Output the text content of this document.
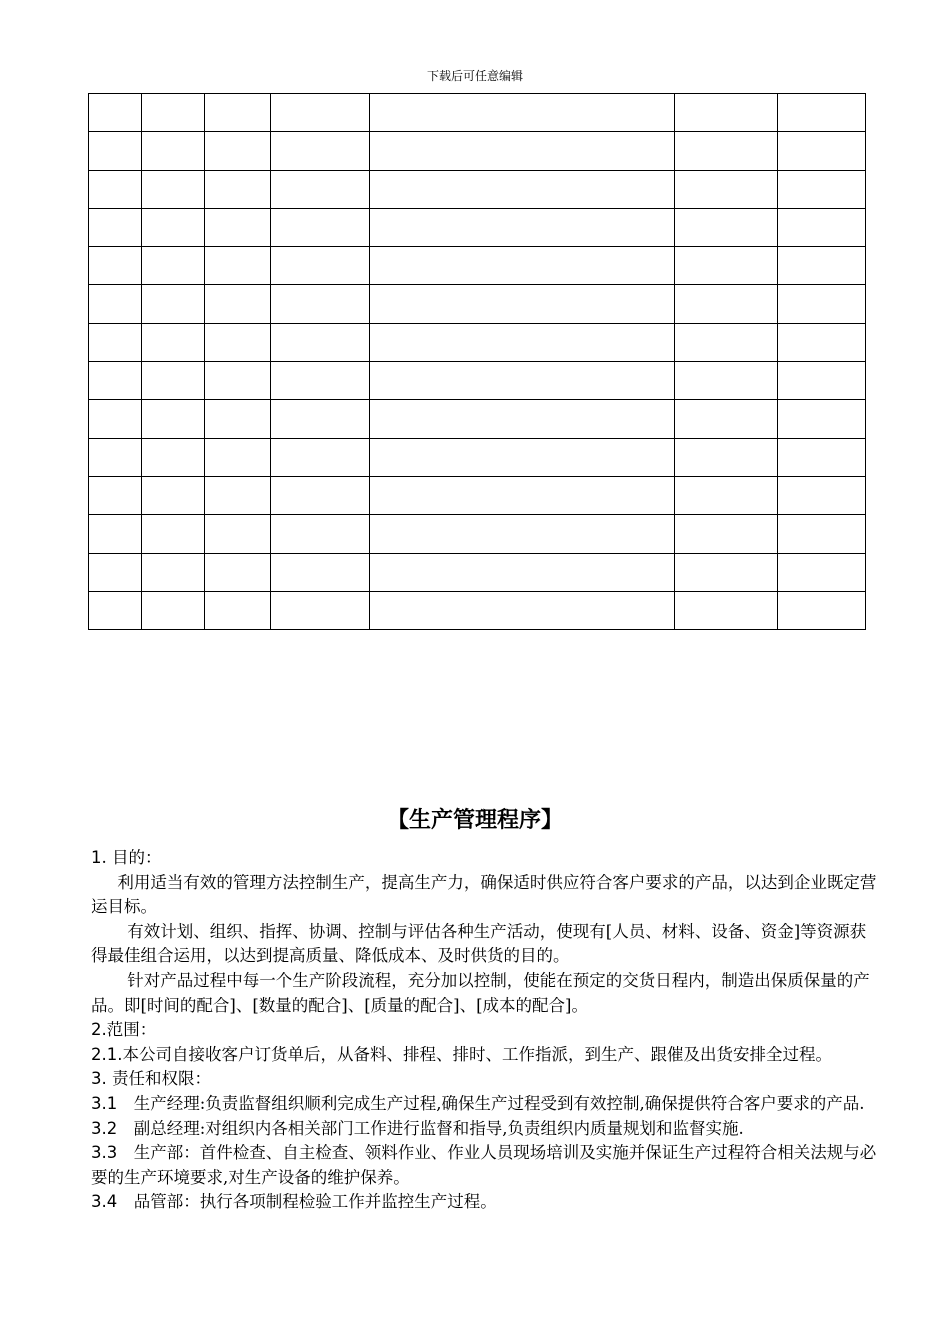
下载后可任意编辑

【生产管理程序】

1. 目的：

利用适当有效的管理方法控制生产，提高生产力，确保适时供应符合客户要求的产品，以达到企业既定营运目标。

有效计划、组织、指挥、协调、控制与评估各种生产活动，使现有[人员、材料、设备、资金]等资源获得最佳组合运用，以达到提高质量、降低成本、及时供货的目的。

针对产品过程中每一个生产阶段流程，充分加以控制，使能在预定的交货日程内，制造出保质保量的产品。即[时间的配合]、[数量的配合]、[质量的配合]、[成本的配合]。

2.范围：

2.1.本公司自接收客户订货单后，从备料、排程、排时、工作指派，到生产、跟催及出货安排全过程。

3. 责任和权限：

3.1　生产经理:负责监督组织顺利完成生产过程,确保生产过程受到有效控制,确保提供符合客户要求的产品.

3.2　副总经理:对组织内各相关部门工作进行监督和指导,负责组织内质量规划和监督实施.

3.3　生产部：首件检查、自主检查、领料作业、作业人员现场培训及实施并保证生产过程符合相关法规与必要的生产环境要求,对生产设备的维护保养。

3.4　品管部：执行各项制程检验工作并监控生产过程。
